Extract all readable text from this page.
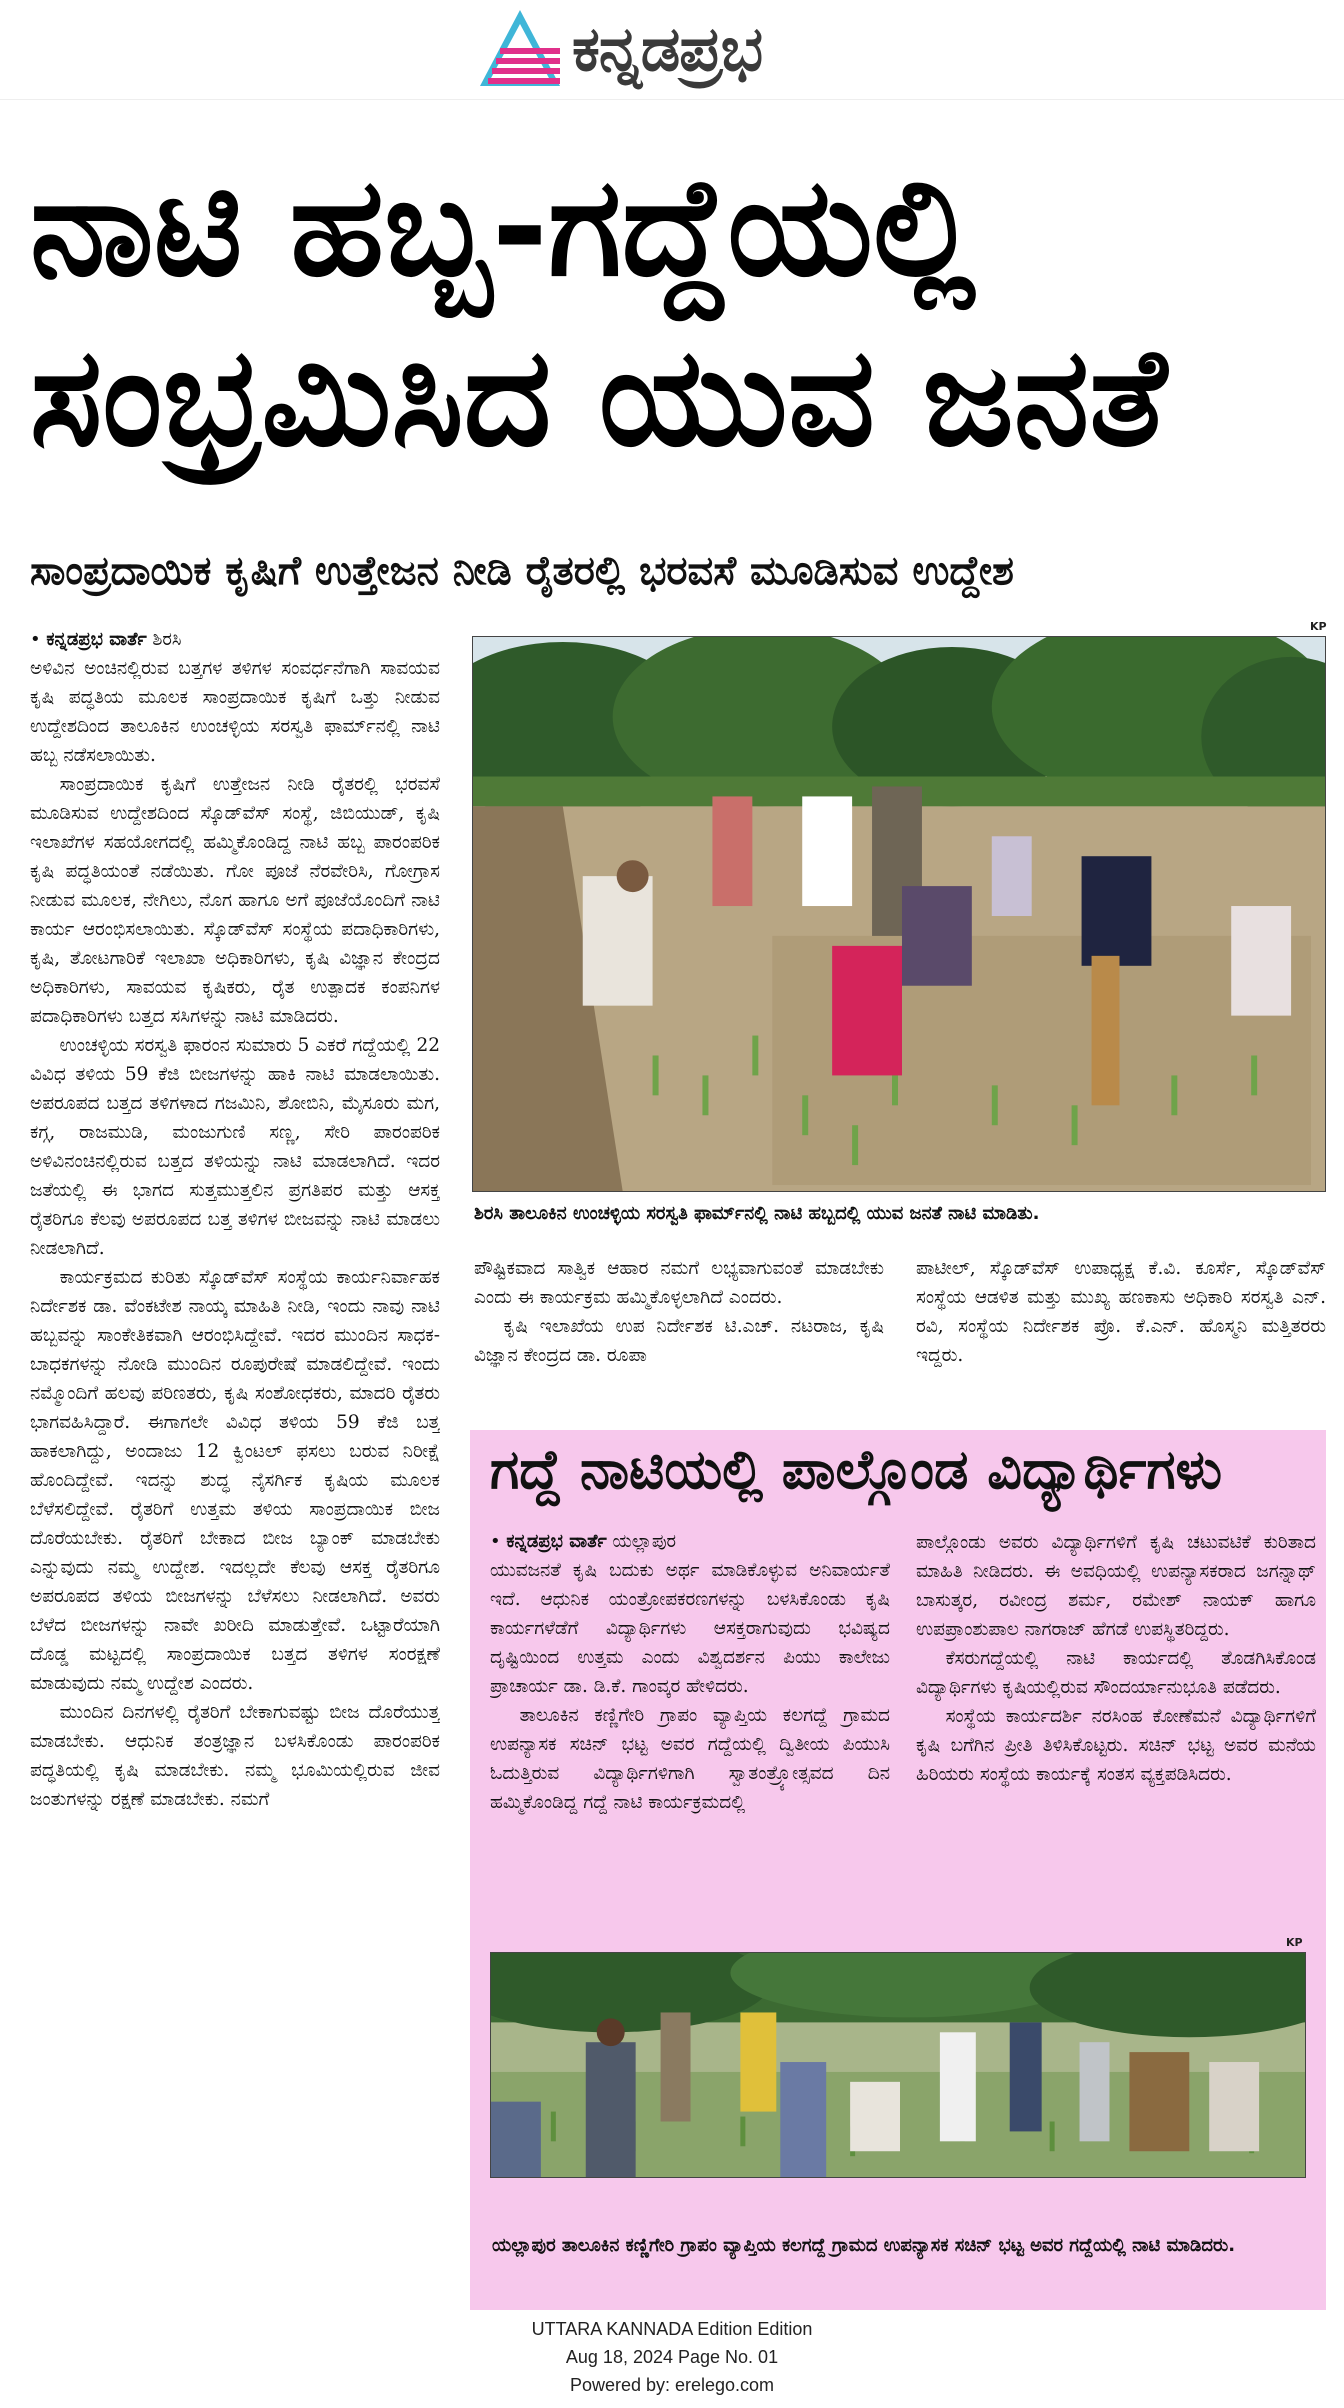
ಕನ್ನಡಪ್ರಭ
ನಾಟಿ ಹಬ್ಬ-ಗದ್ದೆಯಲ್ಲಿ
ಸಂಭ್ರಮಿಸಿದ ಯುವ ಜನತೆ
ಸಾಂಪ್ರದಾಯಿಕ ಕೃಷಿಗೆ ಉತ್ತೇಜನ ನೀಡಿ ರೈತರಲ್ಲಿ ಭರವಸೆ ಮೂಡಿಸುವ ಉದ್ದೇಶ
• ಕನ್ನಡಪ್ರಭ ವಾರ್ತೆ ಶಿರಸಿ

ಅಳಿವಿನ ಅಂಚಿನಲ್ಲಿರುವ ಬತ್ತಗಳ ತಳಿಗಳ ಸಂವರ್ಧನೆಗಾಗಿ ಸಾವಯವ ಕೃಷಿ ಪದ್ಧತಿಯ ಮೂಲಕ ಸಾಂಪ್ರದಾಯಿಕ ಕೃಷಿಗೆ ಒತ್ತು ನೀಡುವ ಉದ್ದೇಶದಿಂದ ತಾಲೂಕಿನ ಉಂಚಳ್ಳಿಯ ಸರಸ್ವತಿ ಫಾರ್ಮ್‌ನಲ್ಲಿ ನಾಟಿ ಹಬ್ಬ ನಡೆಸಲಾಯಿತು.

ಸಾಂಪ್ರದಾಯಿಕ ಕೃಷಿಗೆ ಉತ್ತೇಜನ ನೀಡಿ ರೈತರಲ್ಲಿ ಭರವಸೆ ಮೂಡಿಸುವ ಉದ್ದೇಶದಿಂದ ಸ್ಕೊಡ್‌ವೆಸ್ ಸಂಸ್ಥೆ, ಜಿಬಿಯುಡ್, ಕೃಷಿ ಇಲಾಖೆಗಳ ಸಹಯೋಗದಲ್ಲಿ ಹಮ್ಮಿಕೊಂಡಿದ್ದ ನಾಟಿ ಹಬ್ಬ ಪಾರಂಪರಿಕ ಕೃಷಿ ಪದ್ಧತಿಯಂತೆ ನಡೆಯಿತು. ಗೋ ಪೂಜೆ ನೆರವೇರಿಸಿ, ಗೋಗ್ರಾಸ ನೀಡುವ ಮೂಲಕ, ನೇಗಿಲು, ನೊಗ ಹಾಗೂ ಅಗೆ ಪೂಜೆಯೊಂದಿಗೆ ನಾಟಿ ಕಾರ್ಯ ಆರಂಭಿಸಲಾಯಿತು. ಸ್ಕೊಡ್‌ವೆಸ್ ಸಂಸ್ಥೆಯ ಪದಾಧಿಕಾರಿಗಳು, ಕೃಷಿ, ತೋಟಗಾರಿಕೆ ಇಲಾಖಾ ಅಧಿಕಾರಿಗಳು, ಕೃಷಿ ವಿಜ್ಞಾನ ಕೇಂದ್ರದ ಅಧಿಕಾರಿಗಳು, ಸಾವಯವ ಕೃಷಿಕರು, ರೈತ ಉತ್ಪಾದಕ ಕಂಪನಿಗಳ ಪದಾಧಿಕಾರಿಗಳು ಬತ್ತದ ಸಸಿಗಳನ್ನು ನಾಟಿ ಮಾಡಿದರು.

ಉಂಚಳ್ಳಿಯ ಸರಸ್ವತಿ ಫಾರಂನ ಸುಮಾರು 5 ಎಕರೆ ಗದ್ದೆಯಲ್ಲಿ 22 ವಿವಿಧ ತಳಿಯ 59 ಕೆಜಿ ಬೀಜಗಳನ್ನು ಹಾಕಿ ನಾಟಿ ಮಾಡಲಾಯಿತು. ಅಪರೂಪದ ಬತ್ತದ ತಳಿಗಳಾದ ಗಜಮಿನಿ, ಶೋಬಿನಿ, ಮೈಸೂರು ಮಗ, ಕಗ್ಗ, ರಾಜಮುಡಿ, ಮಂಜುಗುಣಿ ಸಣ್ಣ, ಸೇರಿ ಪಾರಂಪರಿಕ ಅಳಿವಿನಂಚಿನಲ್ಲಿರುವ ಬತ್ತದ ತಳಿಯನ್ನು ನಾಟಿ ಮಾಡಲಾಗಿದೆ. ಇದರ ಜತೆಯಲ್ಲಿ ಈ ಭಾಗದ ಸುತ್ತಮುತ್ತಲಿನ ಪ್ರಗತಿಪರ ಮತ್ತು ಆಸಕ್ತ ರೈತರಿಗೂ ಕೆಲವು ಅಪರೂಪದ ಬತ್ತ ತಳಿಗಳ ಬೀಜವನ್ನು ನಾಟಿ ಮಾಡಲು ನೀಡಲಾಗಿದೆ.

ಕಾರ್ಯಕ್ರಮದ ಕುರಿತು ಸ್ಕೊಡ್‌ವೆಸ್ ಸಂಸ್ಥೆಯ ಕಾರ್ಯನಿರ್ವಾಹಕ ನಿರ್ದೇಶಕ ಡಾ. ವೆಂಕಟೇಶ ನಾಯ್ಕ ಮಾಹಿತಿ ನೀಡಿ, ಇಂದು ನಾವು ನಾಟಿ ಹಬ್ಬವನ್ನು ಸಾಂಕೇತಿಕವಾಗಿ ಆರಂಭಿಸಿದ್ದೇವೆ. ಇದರ ಮುಂದಿನ ಸಾಧಕ-ಬಾಧಕಗಳನ್ನು ನೋಡಿ ಮುಂದಿನ ರೂಪುರೇಷೆ ಮಾಡಲಿದ್ದೇವೆ. ಇಂದು ನಮ್ಮೊಂದಿಗೆ ಹಲವು ಪರಿಣತರು, ಕೃಷಿ ಸಂಶೋಧಕರು, ಮಾದರಿ ರೈತರು ಭಾಗವಹಿಸಿದ್ದಾರೆ. ಈಗಾಗಲೇ ವಿವಿಧ ತಳಿಯ 59 ಕೆಜಿ ಬತ್ತ ಹಾಕಲಾಗಿದ್ದು, ಅಂದಾಜು 12 ಕ್ವಿಂಟಲ್ ಫಸಲು ಬರುವ ನಿರೀಕ್ಷೆ ಹೊಂದಿದ್ದೇವೆ. ಇದನ್ನು ಶುದ್ಧ ನೈಸರ್ಗಿಕ ಕೃಷಿಯ ಮೂಲಕ ಬೆಳೆಸಲಿದ್ದೇವೆ. ರೈತರಿಗೆ ಉತ್ತಮ ತಳಿಯ ಸಾಂಪ್ರದಾಯಿಕ ಬೀಜ ದೊರೆಯಬೇಕು. ರೈತರಿಗೆ ಬೇಕಾದ ಬೀಜ ಬ್ಯಾಂಕ್ ಮಾಡಬೇಕು ಎನ್ನುವುದು ನಮ್ಮ ಉದ್ದೇಶ. ಇದಲ್ಲದೇ ಕೆಲವು ಆಸಕ್ತ ರೈತರಿಗೂ ಅಪರೂಪದ ತಳಿಯ ಬೀಜಗಳನ್ನು ಬೆಳೆಸಲು ನೀಡಲಾಗಿದೆ. ಅವರು ಬೆಳೆದ ಬೀಜಗಳನ್ನು ನಾವೇ ಖರೀದಿ ಮಾಡುತ್ತೇವೆ. ಒಟ್ಟಾರೆಯಾಗಿ ದೊಡ್ಡ ಮಟ್ಟದಲ್ಲಿ ಸಾಂಪ್ರದಾಯಿಕ ಬತ್ತದ ತಳಿಗಳ ಸಂರಕ್ಷಣೆ ಮಾಡುವುದು ನಮ್ಮ ಉದ್ದೇಶ ಎಂದರು.

ಮುಂದಿನ ದಿನಗಳಲ್ಲಿ ರೈತರಿಗೆ ಬೇಕಾಗುವಷ್ಟು ಬೀಜ ದೊರೆಯುತ್ತ ಮಾಡಬೇಕು. ಆಧುನಿಕ ತಂತ್ರಜ್ಞಾನ ಬಳಸಿಕೊಂಡು ಪಾರಂಪರಿಕ ಪದ್ಧತಿಯಲ್ಲಿ ಕೃಷಿ ಮಾಡಬೇಕು. ನಮ್ಮ ಭೂಮಿಯಲ್ಲಿರುವ ಜೀವ ಜಂತುಗಳನ್ನು ರಕ್ಷಣೆ ಮಾಡಬೇಕು. ನಮಗೆ

KP
ಶಿರಸಿ ತಾಲೂಕಿನ ಉಂಚಳ್ಳಿಯ ಸರಸ್ವತಿ ಫಾರ್ಮ್‌ನಲ್ಲಿ ನಾಟಿ ಹಬ್ಬದಲ್ಲಿ ಯುವ ಜನತೆ ನಾಟಿ ಮಾಡಿತು.

ಪೌಷ್ಟಿಕವಾದ ಸಾತ್ವಿಕ ಆಹಾರ ನಮಗೆ ಲಭ್ಯವಾಗುವಂತೆ ಮಾಡಬೇಕು ಎಂದು ಈ ಕಾರ್ಯಕ್ರಮ ಹಮ್ಮಿಕೊಳ್ಳಲಾಗಿದೆ ಎಂದರು.

ಕೃಷಿ ಇಲಾಖೆಯ ಉಪ ನಿರ್ದೇಶಕ ಟಿ.ಎಚ್. ನಟರಾಜ, ಕೃಷಿ ವಿಜ್ಞಾನ ಕೇಂದ್ರದ ಡಾ. ರೂಪಾ

ಪಾಟೀಲ್, ಸ್ಕೊಡ್‌ವೆಸ್ ಉಪಾಧ್ಯಕ್ಷ ಕೆ.ವಿ. ಕೂರ್ಸೆ, ಸ್ಕೊಡ್‌ವೆಸ್ ಸಂಸ್ಥೆಯ ಆಡಳಿತ ಮತ್ತು ಮುಖ್ಯ ಹಣಕಾಸು ಅಧಿಕಾರಿ ಸರಸ್ವತಿ ಎನ್. ರವಿ, ಸಂಸ್ಥೆಯ ನಿರ್ದೇಶಕ ಪ್ರೊ. ಕೆ.ಎನ್. ಹೊಸ್ಮನಿ ಮತ್ತಿತರರು ಇದ್ದರು.

ಗದ್ದೆ ನಾಟಿಯಲ್ಲಿ ಪಾಲ್ಗೊಂಡ ವಿದ್ಯಾರ್ಥಿಗಳು
• ಕನ್ನಡಪ್ರಭ ವಾರ್ತೆ ಯಲ್ಲಾಪುರ

ಯುವಜನತೆ ಕೃಷಿ ಬದುಕು ಅರ್ಥ ಮಾಡಿಕೊಳ್ಳುವ ಅನಿವಾರ್ಯತೆ ಇದೆ. ಆಧುನಿಕ ಯಂತ್ರೋಪಕರಣಗಳನ್ನು ಬಳಸಿಕೊಂಡು ಕೃಷಿ ಕಾರ್ಯಗಳೆಡೆಗೆ ವಿದ್ಯಾರ್ಥಿಗಳು ಆಸಕ್ತರಾಗುವುದು ಭವಿಷ್ಯದ ದೃಷ್ಟಿಯಿಂದ ಉತ್ತಮ ಎಂದು ವಿಶ್ವದರ್ಶನ ಪಿಯು ಕಾಲೇಜು ಪ್ರಾಚಾರ್ಯ ಡಾ. ಡಿ.ಕೆ. ಗಾಂವ್ಕರ ಹೇಳಿದರು.

ತಾಲೂಕಿನ ಕಣ್ಣಿಗೇರಿ ಗ್ರಾಪಂ ವ್ಯಾಪ್ತಿಯ ಕಲಗದ್ದೆ ಗ್ರಾಮದ ಉಪನ್ಯಾಸಕ ಸಚಿನ್ ಭಟ್ಟ ಅವರ ಗದ್ದೆಯಲ್ಲಿ ದ್ವಿತೀಯ ಪಿಯುಸಿ ಓದುತ್ತಿರುವ ವಿದ್ಯಾರ್ಥಿಗಳಿಗಾಗಿ ಸ್ವಾತಂತ್ರ್ಯೋತ್ಸವದ ದಿನ ಹಮ್ಮಿಕೊಂಡಿದ್ದ ಗದ್ದೆ ನಾಟಿ ಕಾರ್ಯಕ್ರಮದಲ್ಲಿ

ಪಾಲ್ಗೊಂಡು ಅವರು ವಿದ್ಯಾರ್ಥಿಗಳಿಗೆ ಕೃಷಿ ಚಟುವಟಿಕೆ ಕುರಿತಾದ ಮಾಹಿತಿ ನೀಡಿದರು. ಈ ಅವಧಿಯಲ್ಲಿ ಉಪನ್ಯಾಸಕರಾದ ಜಗನ್ನಾಥ್ ಬಾಸುತ್ಕರ, ರವೀಂದ್ರ ಶರ್ಮ, ರಮೇಶ್ ನಾಯಕ್ ಹಾಗೂ ಉಪಪ್ರಾಂಶುಪಾಲ ನಾಗರಾಜ್ ಹೆಗಡೆ ಉಪಸ್ಥಿತರಿದ್ದರು.

ಕೆಸರುಗದ್ದೆಯಲ್ಲಿ ನಾಟಿ ಕಾರ್ಯದಲ್ಲಿ ತೊಡಗಿಸಿಕೊಂಡ ವಿದ್ಯಾರ್ಥಿಗಳು ಕೃಷಿಯಲ್ಲಿರುವ ಸೌಂದರ್ಯಾನುಭೂತಿ ಪಡೆದರು.

ಸಂಸ್ಥೆಯ ಕಾರ್ಯದರ್ಶಿ ನರಸಿಂಹ ಕೋಣೆಮನೆ ವಿದ್ಯಾರ್ಥಿಗಳಿಗೆ ಕೃಷಿ ಬಗೆಗಿನ ಪ್ರೀತಿ ತಿಳಿಸಿಕೊಟ್ಟರು. ಸಚಿನ್ ಭಟ್ಟ ಅವರ ಮನೆಯ ಹಿರಿಯರು ಸಂಸ್ಥೆಯ ಕಾರ್ಯಕ್ಕೆ ಸಂತಸ ವ್ಯಕ್ತಪಡಿಸಿದರು.

KP
ಯಲ್ಲಾಪುರ ತಾಲೂಕಿನ ಕಣ್ಣಿಗೇರಿ ಗ್ರಾಪಂ ವ್ಯಾಪ್ತಿಯ ಕಲಗದ್ದೆ ಗ್ರಾಮದ ಉಪನ್ಯಾಸಕ ಸಚಿನ್ ಭಟ್ಟ ಅವರ ಗದ್ದೆಯಲ್ಲಿ ನಾಟಿ ಮಾಡಿದರು.
UTTARA KANNADA Edition Edition
Aug 18, 2024 Page No. 01
Powered by: erelego.com
